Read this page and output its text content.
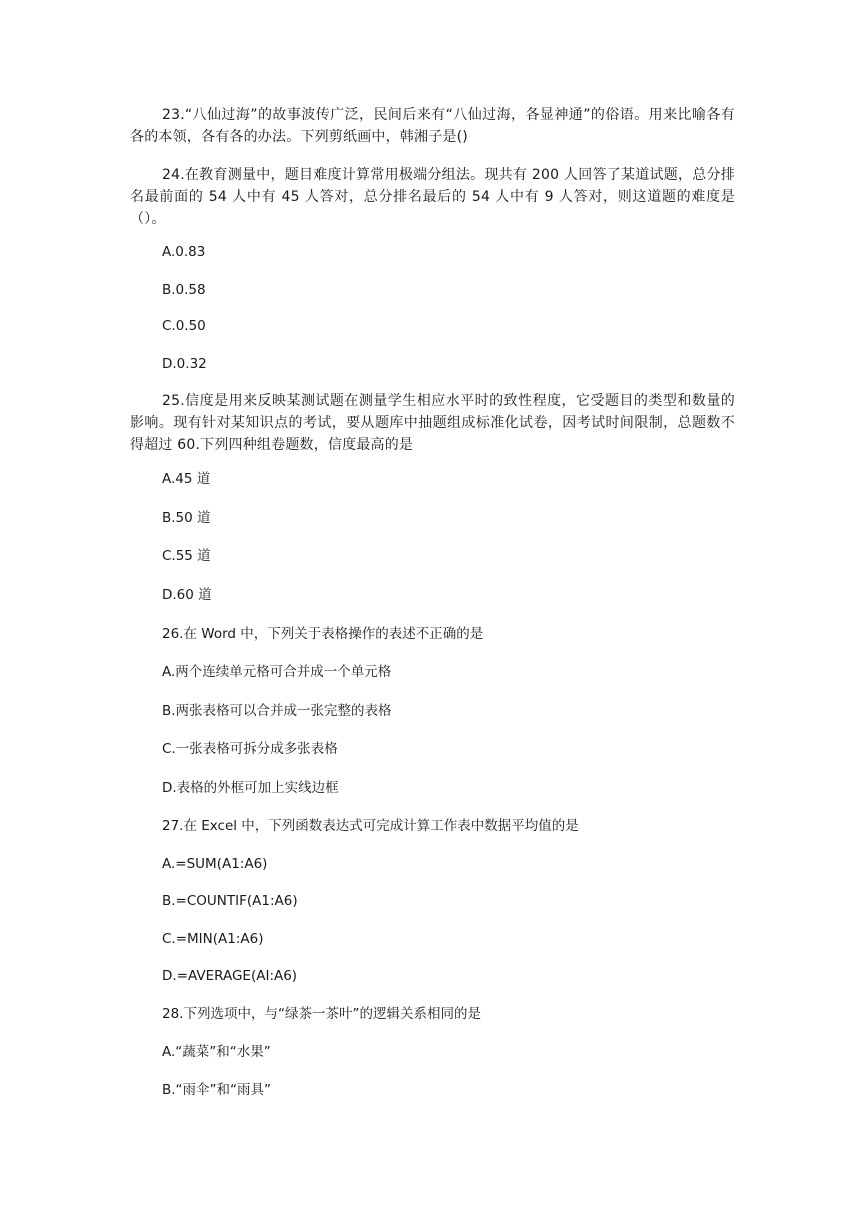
23.“八仙过海”的故事波传广泛，民间后来有“八仙过海，各显神通”的俗语。用来比喻各有各的本领，各有各的办法。下列剪纸画中，韩湘子是()

24.在教育测量中，题目难度计算常用极端分组法。现共有 200 人回答了某道试题，总分排名最前面的 54 人中有 45 人答对，总分排名最后的 54 人中有 9 人答对，则这道题的难度是（）。

A.0.83

B.0.58

C.0.50

D.0.32

25.信度是用来反映某测试题在测量学生相应水平时的致性程度，它受题目的类型和数量的影响。现有针对某知识点的考试，要从题库中抽题组成标准化试卷，因考试时间限制，总题数不得超过 60.下列四种组卷题数，信度最高的是

A.45 道

B.50 道

C.55 道

D.60 道

26.在 Word 中，下列关于表格操作的表述不正确的是

A.两个连续单元格可合并成一个单元格

B.两张表格可以合并成一张完整的表格

C.一张表格可拆分成多张表格

D.表格的外框可加上实线边框

27.在 Excel 中，下列函数表达式可完成计算工作表中数据平均值的是

A.=SUM(A1:A6)

B.=COUNTIF(A1:A6)

C.=MIN(A1:A6)

D.=AVERAGE(AI:A6)

28.下列选项中，与“绿茶一茶叶”的逻辑关系相同的是

A.“蔬菜”和“水果”

B.“雨伞”和“雨具”
